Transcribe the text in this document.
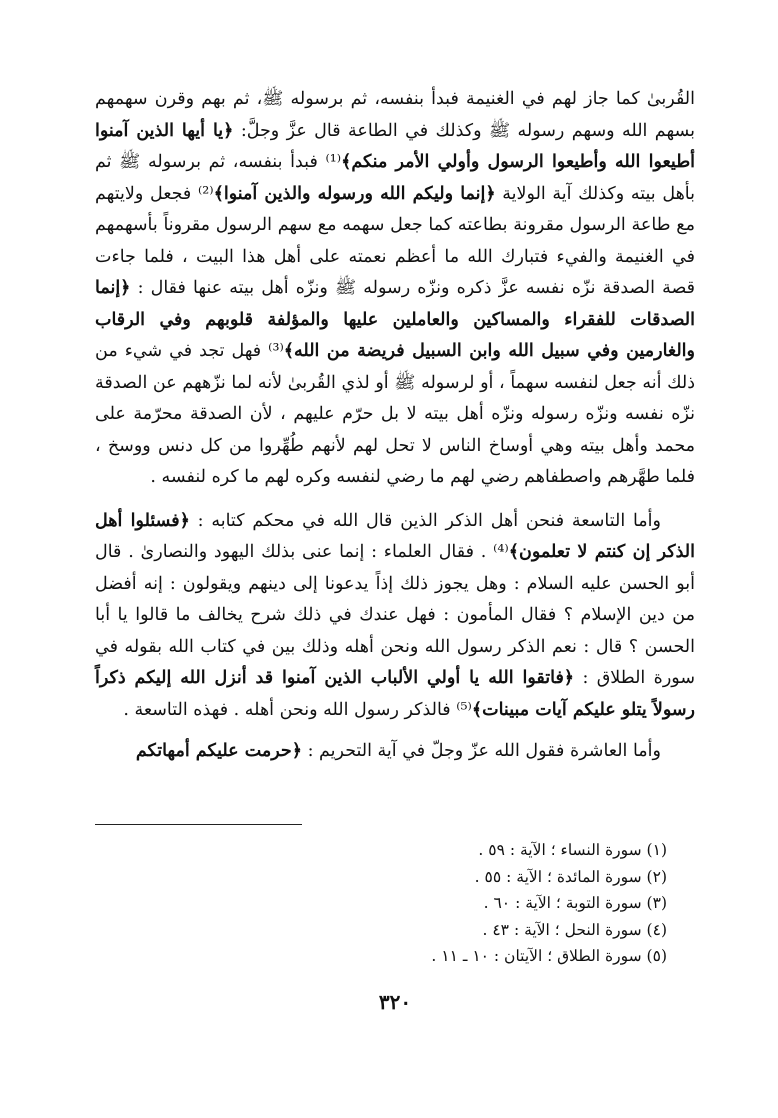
القُربىٰ كما جاز لهم في الغنيمة فبدأ بنفسه، ثم برسوله ﷺ، ثم بهم وقرن سهمهم بسهم الله وسهم رسوله ﷺ وكذلك في الطاعة قال عزَّ وجلَّ: ﴿يا أيها الذين آمنوا أطيعوا الله وأطيعوا الرسول وأولي الأمر منكم﴾⁽¹⁾ فبدأ بنفسه، ثم برسوله ﷺ ثم بأهل بيته وكذلك آية الولاية ﴿إنما وليكم الله ورسوله والذين آمنوا﴾⁽²⁾ فجعل ولايتهم مع طاعة الرسول مقرونة بطاعته كما جعل سهمه مع سهم الرسول مقروناً بأسهمهم في الغنيمة والفيء فتبارك الله ما أعظم نعمته على أهل هذا البيت ، فلما جاءت قصة الصدقة نزّه نفسه عزَّ ذكره ونزّه رسوله ﷺ ونزّه أهل بيته عنها فقال : ﴿إنما الصدقات للفقراء والمساكين والعاملين عليها والمؤلفة قلوبهم وفي الرقاب والغارمين وفي سبيل الله وابن السبيل فريضة من الله﴾⁽³⁾ فهل تجد في شيء من ذلك أنه جعل لنفسه سهماً ، أو لرسوله ﷺ أو لذي القُربىٰ لأنه لما نزّههم عن الصدقة نزّه نفسه ونزّه رسوله ونزّه أهل بيته لا بل حرّم عليهم ، لأن الصدقة محرّمة على محمد وأهل بيته وهي أوساخ الناس لا تحل لهم لأنهم طُهِّروا من كل دنس ووسخ ، فلما طهَّرهم واصطفاهم رضي لهم ما رضي لنفسه وكره لهم ما كره لنفسه .

وأما التاسعة فنحن أهل الذكر الذين قال الله في محكم كتابه : ﴿فسئلوا أهل الذكر إن كنتم لا تعلمون﴾⁽⁴⁾ . فقال العلماء : إنما عنى بذلك اليهود والنصارىٰ . قال أبو الحسن عليه السلام : وهل يجوز ذلك إذاً يدعونا إلى دينهم ويقولون : إنه أفضل من دين الإسلام ؟ فقال المأمون : فهل عندك في ذلك شرح يخالف ما قالوا يا أبا الحسن ؟ قال : نعم الذكر رسول الله ونحن أهله وذلك بين في كتاب الله بقوله في سورة الطلاق : ﴿فاتقوا الله يا أولي الألباب الذين آمنوا قد أنزل الله إليكم ذكراً رسولاً يتلو عليكم آيات مبينات﴾⁽⁵⁾ فالذكر رسول الله ونحن أهله . فهذه التاسعة .

وأما العاشرة فقول الله عزّ وجلّ في آية التحريم : ﴿حرمت عليكم أمهاتكم

(١) سورة النساء ؛ الآية : ٥٩ .
(٢) سورة المائدة ؛ الآية : ٥٥ .
(٣) سورة التوبة ؛ الآية : ٦٠ .
(٤) سورة النحل ؛ الآية : ٤٣ .
(٥) سورة الطلاق ؛ الآيتان : ١٠ ـ ١١ .
٣٢٠
